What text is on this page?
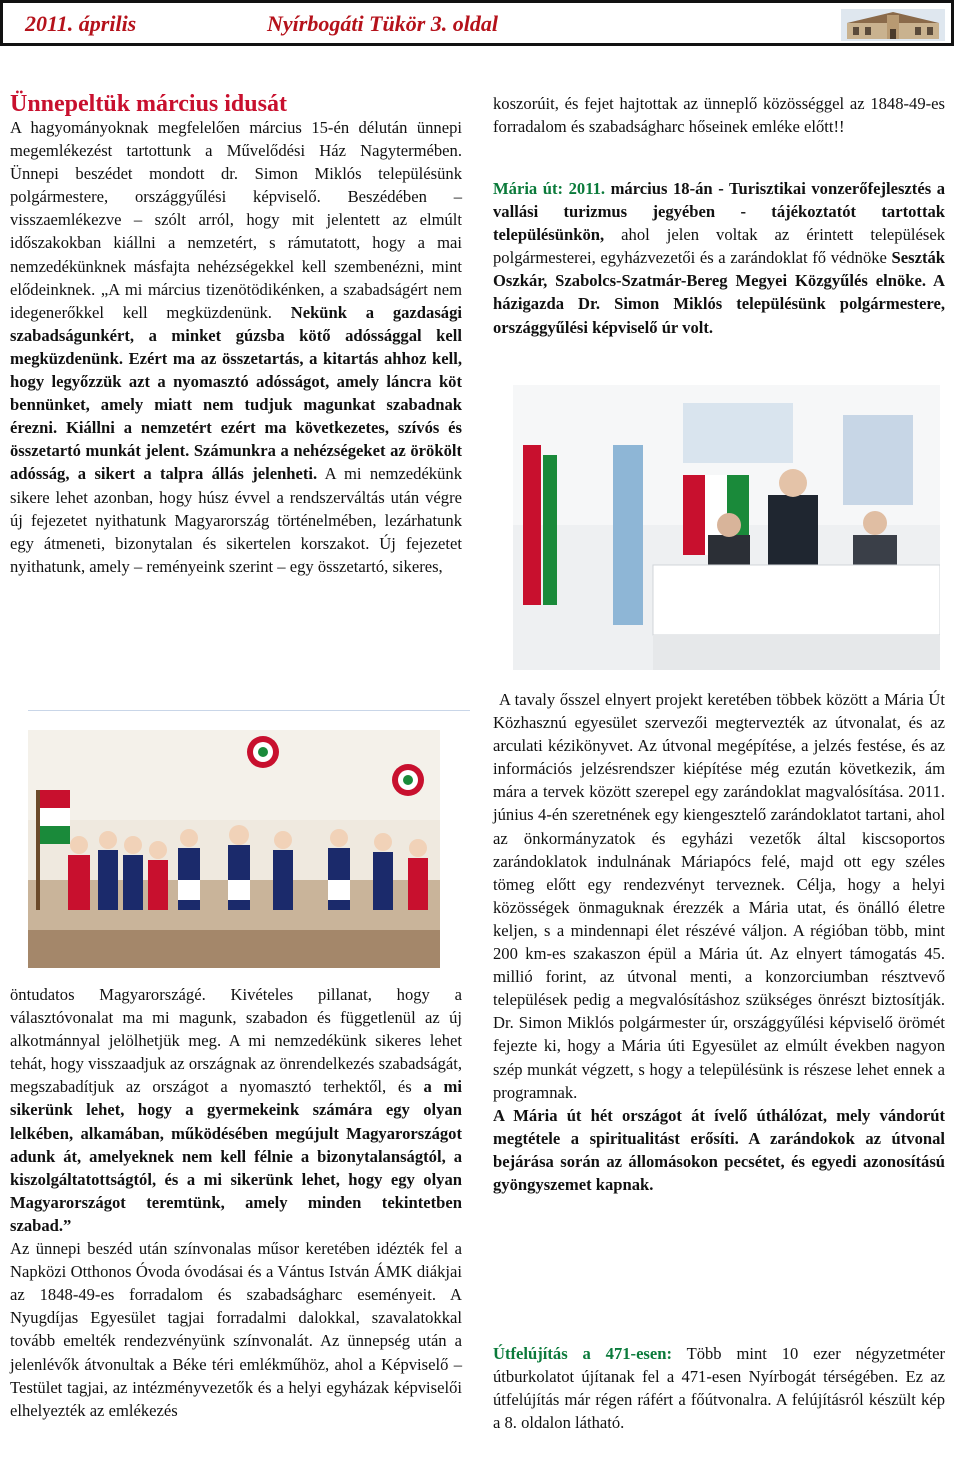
2011. április	Nyírbogáti Tükör 3. oldal

Ünnepeltük március idusát

A hagyományoknak megfelelően március 15-én délután ünnepi megemlékezést tartottunk a Művelődési Ház Nagytermében. Ünnepi beszédet mondott dr. Simon Miklós településünk polgármestere, országgyűlési képviselő. Beszédében – visszaemlékezve – szólt arról, hogy mit jelentett az elmúlt időszakokban kiállni a nemzetért, s rámutatott, hogy a mai nemzedékünknek másfajta nehézségekkel kell szembenézni, mint elődeinknek. „A mi március tizenötödikénken, a szabadságért nem idegenerőkkel kell megküzdenünk. Nekünk a gazdasági szabadságunkért, a minket gúzsba kötő adóssággal kell megküzdenünk. Ezért ma az összetartás, a kitartás ahhoz kell, hogy legyőzzük azt a nyomasztó adósságot, amely láncra köt bennünket, amely miatt nem tudjuk magunkat szabadnak érezni. Kiállni a nemzetért ezért ma következetes, szívós és összetartó munkát jelent. Számunkra a nehézségeket az örökölt adósság, a sikert a talpra állás jelenheti. A mi nemzedékünk sikere lehet azonban, hogy húsz évvel a rendszerváltás után végre új fejezetet nyithatunk Magyarország történelmében, lezárhatunk egy átmeneti, bizonytalan és sikertelen korszakot. Új fejezetet nyithatunk, amely – reményeink szerint – egy összetartó, sikeres,

öntudatos Magyarországé. Kivételes pillanat, hogy a választóvonalat ma mi magunk, szabadon és függetlenül az új alkotmánnyal jelölhetjük meg. A mi nemzedékünk sikeres lehet tehát, hogy visszaadjuk az országnak az önrendelkezés szabadságát, megszabadítjuk az országot a nyomasztó terhektől, és a mi sikerünk lehet, hogy a gyermekeink számára egy olyan lelkében, alkamában, működésében megújult Magyarországot adunk át, amelyeknek nem kell félnie a bizonytalanságtól, a kiszolgáltatottságtól, és a mi sikerünk lehet, hogy egy olyan Magyarországot teremtünk, amely minden tekintetben szabad.”

Az ünnepi beszéd után színvonalas műsor keretében idézték fel a Napközi Otthonos Óvoda óvodásai és a Vántus István ÁMK diákjai az 1848-49-es forradalom és szabadságharc eseményeit. A Nyugdíjas Egyesület tagjai forradalmi dalokkal, szavalatokkal tovább emelték rendezvényünk színvonalát. Az ünnepség után a jelenlévők átvonultak a Béke téri emlékműhöz, ahol a Képviselő – Testület tagjai, az intézményvezetők és a helyi egyházak képviselői elhelyezték az emlékezés

koszorúit, és fejet hajtottak az ünneplő közösséggel az 1848-49-es forradalom és szabadságharc hőseinek emléke előtt!!

Mária út: 2011. március 18-án - Turisztikai vonzerőfejlesztés a vallási turizmus jegyében - tájékoztatót tartottak településünkön, ahol jelen voltak az érintett települések polgármesterei, egyházvezetői és a zarándoklat fő védnöke Seszták Oszkár, Szabolcs-Szatmár-Bereg Megyei Közgyűlés elnöke. A házigazda Dr. Simon Miklós településünk polgármestere, országgyűlési képviselő úr volt.

A tavaly ősszel elnyert projekt keretében többek között a Mária Út Közhasznú egyesület szervezői megtervezték az útvonalat, és az arculati kézikönyvet. Az útvonal megépítése, a jelzés festése, és az információs jelzésrendszer kiépítése még ezután következik, ám mára a tervek között szerepel egy zarándoklat magvalósítása. 2011. június 4-én szeretnének egy kiengesztelő zarándoklatot tartani, ahol az önkormányzatok és egyházi vezetők által kiscsoportos zarándoklatok indulnának Máriapócs felé, majd ott egy széles tömeg előtt egy rendezvényt terveznek. Célja, hogy a helyi közösségek önmaguknak érezzék a Mária utat, és önálló életre keljen, s a mindennapi élet részévé váljon. A régióban több, mint 200 km-es szakaszon épül a Mária út. Az elnyert támogatás 45. millió forint, az útvonal menti, a konzorciumban résztvevő települések pedig a megvalósításhoz szükséges önrészt biztosítják. Dr. Simon Miklós polgármester úr, országgyűlési képviselő örömét fejezte ki, hogy a Mária úti Egyesület az elmúlt években nagyon szép munkát végzett, s hogy a településünk is részese lehet ennek a programnak.

A Mária út hét országot át ívelő úthálózat, mely vándorút megtétele a spiritualitást erősíti. A zarándokok az útvonal bejárása során az állomásokon pecsétet, és egyedi azonosítású gyöngyszemet kapnak.

Útfelújítás a 471-esen: Több mint 10 ezer négyzetméter útburkolatot újítanak fel a 471-esen Nyírbogát térségében. Ez az útfelújítás már régen ráfért a főútvonalra. A felújításról készült kép a 8. oldalon látható.
